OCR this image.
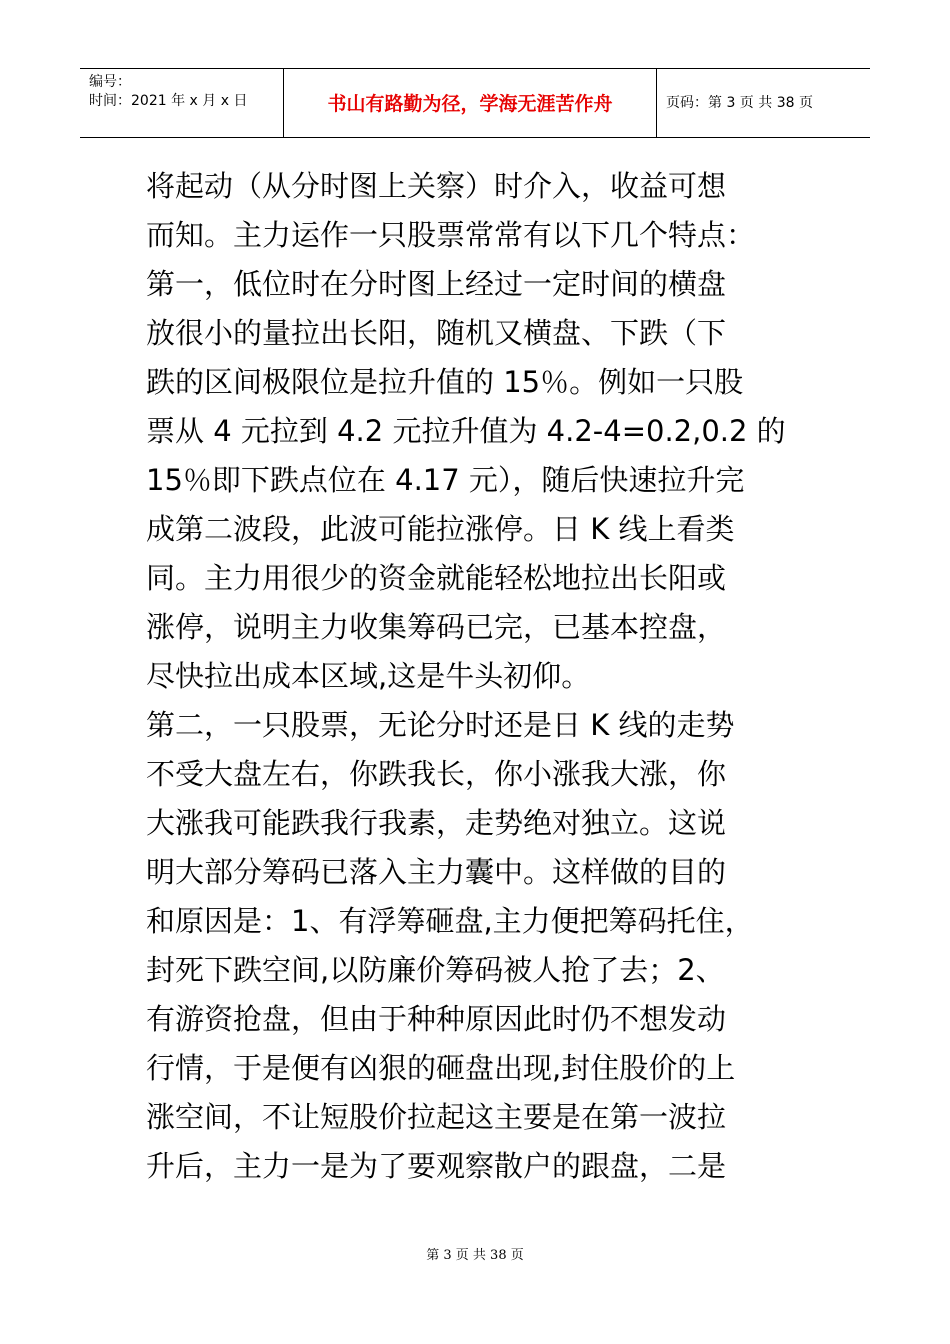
编号：
时间：2021 年 x 月 x 日	书山有路勤为径，学海无涯苦作舟	页码：第 3 页 共 38 页
将起动（从分时图上关察）时介入，收益可想
而知。主力运作一只股票常常有以下几个特点：
第一，低位时在分时图上经过一定时间的横盘
放很小的量拉出长阳，随机又横盘、下跌（下
跌的区间极限位是拉升值的 15％。例如一只股
票从 4 元拉到 4.2 元拉升值为 4.2-4=0.2,0.2 的
15％即下跌点位在 4.17 元），随后快速拉升完
成第二波段，此波可能拉涨停。日 K 线上看类
同。主力用很少的资金就能轻松地拉出长阳或
涨停，说明主力收集筹码已完，已基本控盘，
尽快拉出成本区域,这是牛头初仰。
第二，一只股票，无论分时还是日 K 线的走势
不受大盘左右，你跌我长，你小涨我大涨，你
大涨我可能跌我行我素，走势绝对独立。这说
明大部分筹码已落入主力囊中。这样做的目的
和原因是：1、有浮筹砸盘,主力便把筹码托住，
封死下跌空间,以防廉价筹码被人抢了去；2、
有游资抢盘，但由于种种原因此时仍不想发动
行情，于是便有凶狠的砸盘出现,封住股价的上
涨空间，不让短股价拉起这主要是在第一波拉
升后，主力一是为了要观察散户的跟盘，二是
第 3 页 共 38 页
